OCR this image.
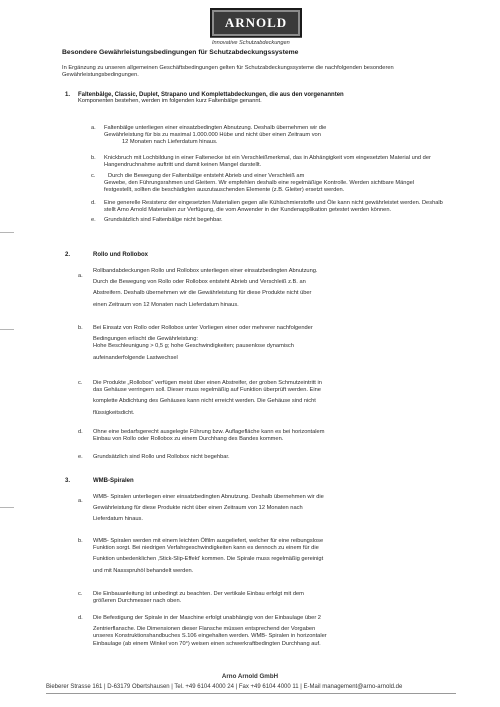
ARNOLD
Innovative Schutzabdeckungen
Besondere Gewährleistungsbedingungen für Schutzabdeckungssysteme
In Ergänzung zu unseren allgemeinen Geschäftsbedingungen gelten für Schutzabdeckungssysteme die nachfolgenden besonderen
Gewährleistungsbedingungen.
1. Faltenbälge, Classic, Duplet, Strapano und Komplettabdeckungen, die aus den vorgenannten
Komponenten bestehen, werden im folgenden kurz Faltenbälge genannt.
a. Faltenbälge unterliegen einer einsatzbedingten Abnutzung. Deshalb übernehmen wir die
Gewährleistung für bis zu maximal 1.000.000 Hübe und nicht über einen Zeitraum von
12 Monaten nach Lieferdatum hinaus.
b. Knickbruch mit Lochbildung in einer Faltenecke ist ein Verschleißmerkmal, das in Abhängigkeit vom eingesetzten Material und der
Hangendruchnahme auftritt und damit keinen Mangel darstellt.
c.	Durch die Bewegung der Faltenbälge entsteht Abrieb und einer Verschleiß am
Gewebe, den Führungsrahmen und Gleitern. Wir empfehlen deshalb eine regelmäßige Kontrolle. Werden sichtbare Mängel
festgestellt, sollten die beschädigten auszutauschenden Elemente (z.B. Gleiter) ersetzt werden.
d. Eine generelle Resistenz der eingesetzten Materialien gegen alle Kühlschmierstoffe und Öle kann nicht gewährleistet werden. Deshalb
stellt Arno Arnold Materialien zur Verfügung, die vom Anwender in der Kundenapplikation getestet werden können.
e. Grundsätzlich sind Faltenbälge nicht begehbar.
2.	Rollo und Rollobox
a.
Rollbandabdeckungen Rollo und Rollobox unterliegen einer einsatzbedingten Abnutzung.
Durch die Bewegung von Rollo oder Rollobox entsteht Abrieb und Verschleiß z.B. an
Abstreifern. Deshalb übernehmen wir die Gewährleistung für diese Produkte nicht über
einen Zeitraum von 12 Monaten nach Lieferdatum hinaus.
b. Bei Einsatz von Rollo oder Rollobox unter Vorliegen einer oder mehrerer nachfolgender
Bedingungen erlischt die Gewährleistung:
Hohe Beschleunigung > 0,5 g; hohe Geschwindigkeiten; pausenlose dynamisch
aufeinanderfolgende Lastwechsel
c. Die Produkte „Rollobox“ verfügen meist über einen Abstreifer, der groben Schmutzeintritt in
das Gehäuse verringern soll. Dieser muss regelmäßig auf Funktion überprüft werden. Eine
komplette Abdichtung des Gehäuses kann nicht erreicht werden. Die Gehäuse sind nicht
flüssigkeitsdicht.
d. Ohne eine bedarfsgerecht ausgelegte Führung bzw. Auflagefläche kann es bei horizontalem
Einbau von Rollo oder Rollobox zu einem Durchhang des Bandes kommen.
e. Grundsätzlich sind Rollo und Rollobox nicht begehbar.
3.	WMB-Spiralen
a.
WMB- Spiralen unterliegen einer einsatzbedingten Abnutzung. Deshalb übernehmen wir die
Gewährleistung für diese Produkte nicht über einen Zeitraum von 12 Monaten nach
Lieferdatum hinaus.
b. WMB- Spiralen werden mit einem leichten Ölfilm ausgeliefert, welcher für eine reibungslose
Funktion sorgt. Bei niedrigen Verfahrgeschwindigkeiten kann es dennoch zu einem für die
Funktion unbedenklichen ‚Stick-Slip-Effekt' kommen. Die Spirale muss regelmäßig gereinigt
und mit Nassspruhöl behandelt werden.
c. Die Einbauanleitung ist unbedingt zu beachten. Der vertikale Einbau erfolgt mit dem
größeren Durchmesser nach oben.
d. Die Befestigung der Spirale in der Maschine erfolgt unabhängig von der Einbaulage über 2
Zentrierflansche. Die Dimensionen dieser Flansche müssen entsprechend der Vorgaben
unseres Konstruktionshandbuches S.106 eingehalten werden. WMB- Spiralen in horizontaler
Einbaulage (ab einem Winkel von 70°) weisen einen schwerkraftbedingten Durchhang auf.
Arno Arnold GmbH
Bieberer Strasse 161 | D-63179 Obertshausen | Tel. +49 6104 4000 24 | Fax +49 6104 4000 11 | E-Mail management@arno-arnold.de
